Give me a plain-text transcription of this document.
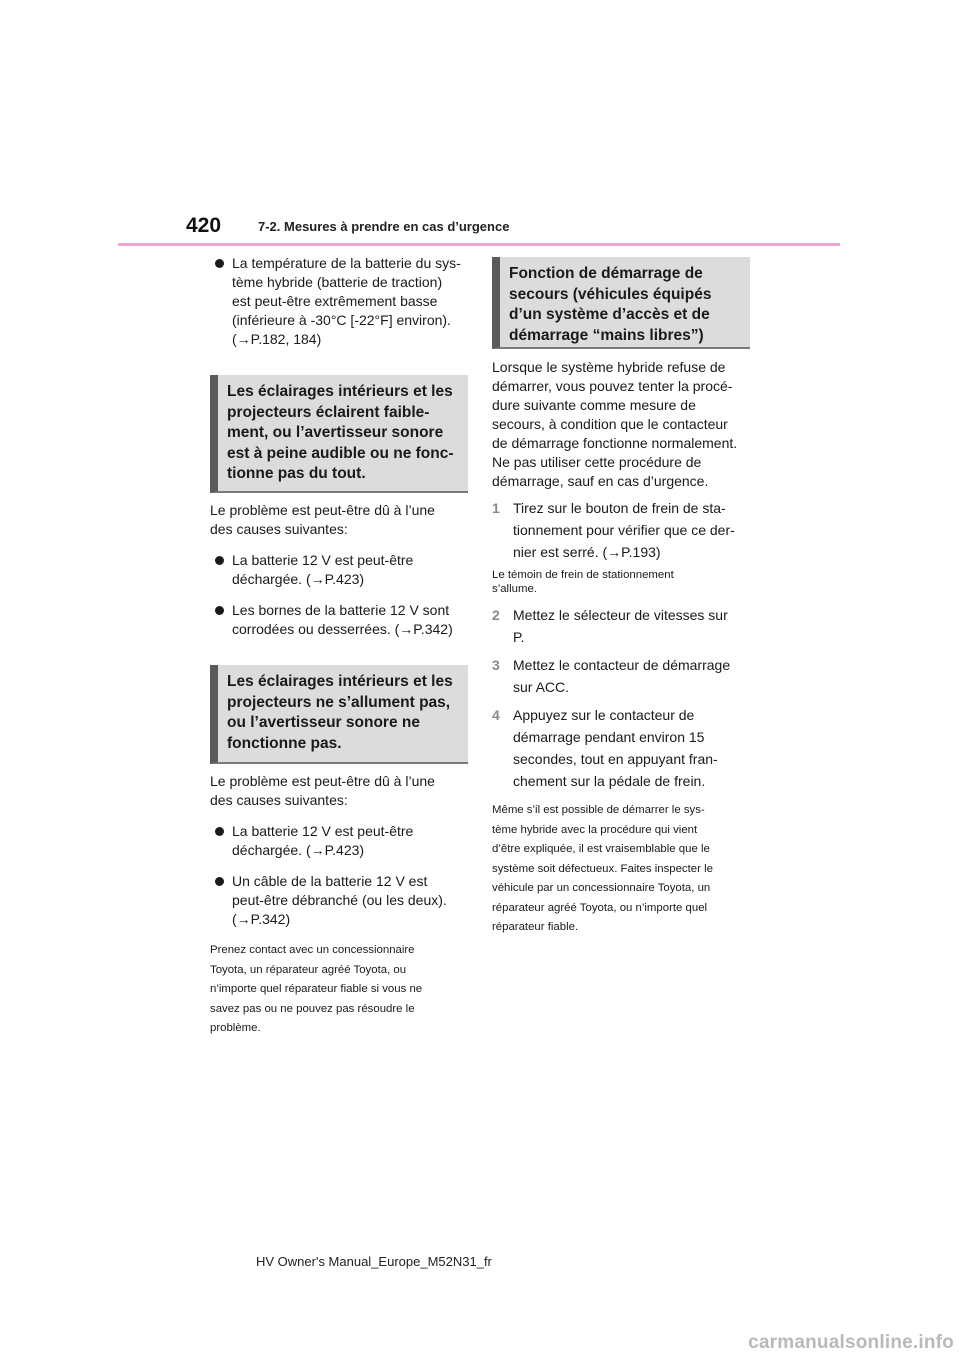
420	7-2. Mesures à prendre en cas d’urgence

La température de la batterie du sys-
tème hybride (batterie de traction)
est peut-être extrêmement basse
(inférieure à -30°C [-22°F] environ).
(→P.182, 184)

Les éclairages intérieurs et les
projecteurs éclairent faible-
ment, ou l’avertisseur sonore
est à peine audible ou ne fonc-
tionne pas du tout.

Le problème est peut-être dû à l’une
des causes suivantes:

La batterie 12 V est peut-être
déchargée. (→P.423)

Les bornes de la batterie 12 V sont
corrodées ou desserrées. (→P.342)

Les éclairages intérieurs et les
projecteurs ne s’allument pas,
ou l’avertisseur sonore ne
fonctionne pas.

Le problème est peut-être dû à l’une
des causes suivantes:

La batterie 12 V est peut-être
déchargée. (→P.423)

Un câble de la batterie 12 V est
peut-être débranché (ou les deux).
(→P.342)

Prenez contact avec un concessionnaire
Toyota, un réparateur agréé Toyota, ou
n’importe quel réparateur fiable si vous ne
savez pas ou ne pouvez pas résoudre le
problème.

Fonction de démarrage de
secours (véhicules équipés
d’un système d’accès et de
démarrage “mains libres”)

Lorsque le système hybride refuse de
démarrer, vous pouvez tenter la procé-
dure suivante comme mesure de
secours, à condition que le contacteur
de démarrage fonctionne normalement.
Ne pas utiliser cette procédure de
démarrage, sauf en cas d’urgence.

1 Tirez sur le bouton de frein de sta-
tionnement pour vérifier que ce der-
nier est serré. (→P.193)

Le témoin de frein de stationnement
s’allume.

2 Mettez le sélecteur de vitesses sur
P.

3 Mettez le contacteur de démarrage
sur ACC.

4 Appuyez sur le contacteur de
démarrage pendant environ 15
secondes, tout en appuyant fran-
chement sur la pédale de frein.

Même s’il est possible de démarrer le sys-
tème hybride avec la procédure qui vient
d’être expliquée, il est vraisemblable que le
système soit défectueux. Faites inspecter le
véhicule par un concessionnaire Toyota, un
réparateur agréé Toyota, ou n’importe quel
réparateur fiable.

HV Owner's Manual_Europe_M52N31_fr
carmanualsonline.info
